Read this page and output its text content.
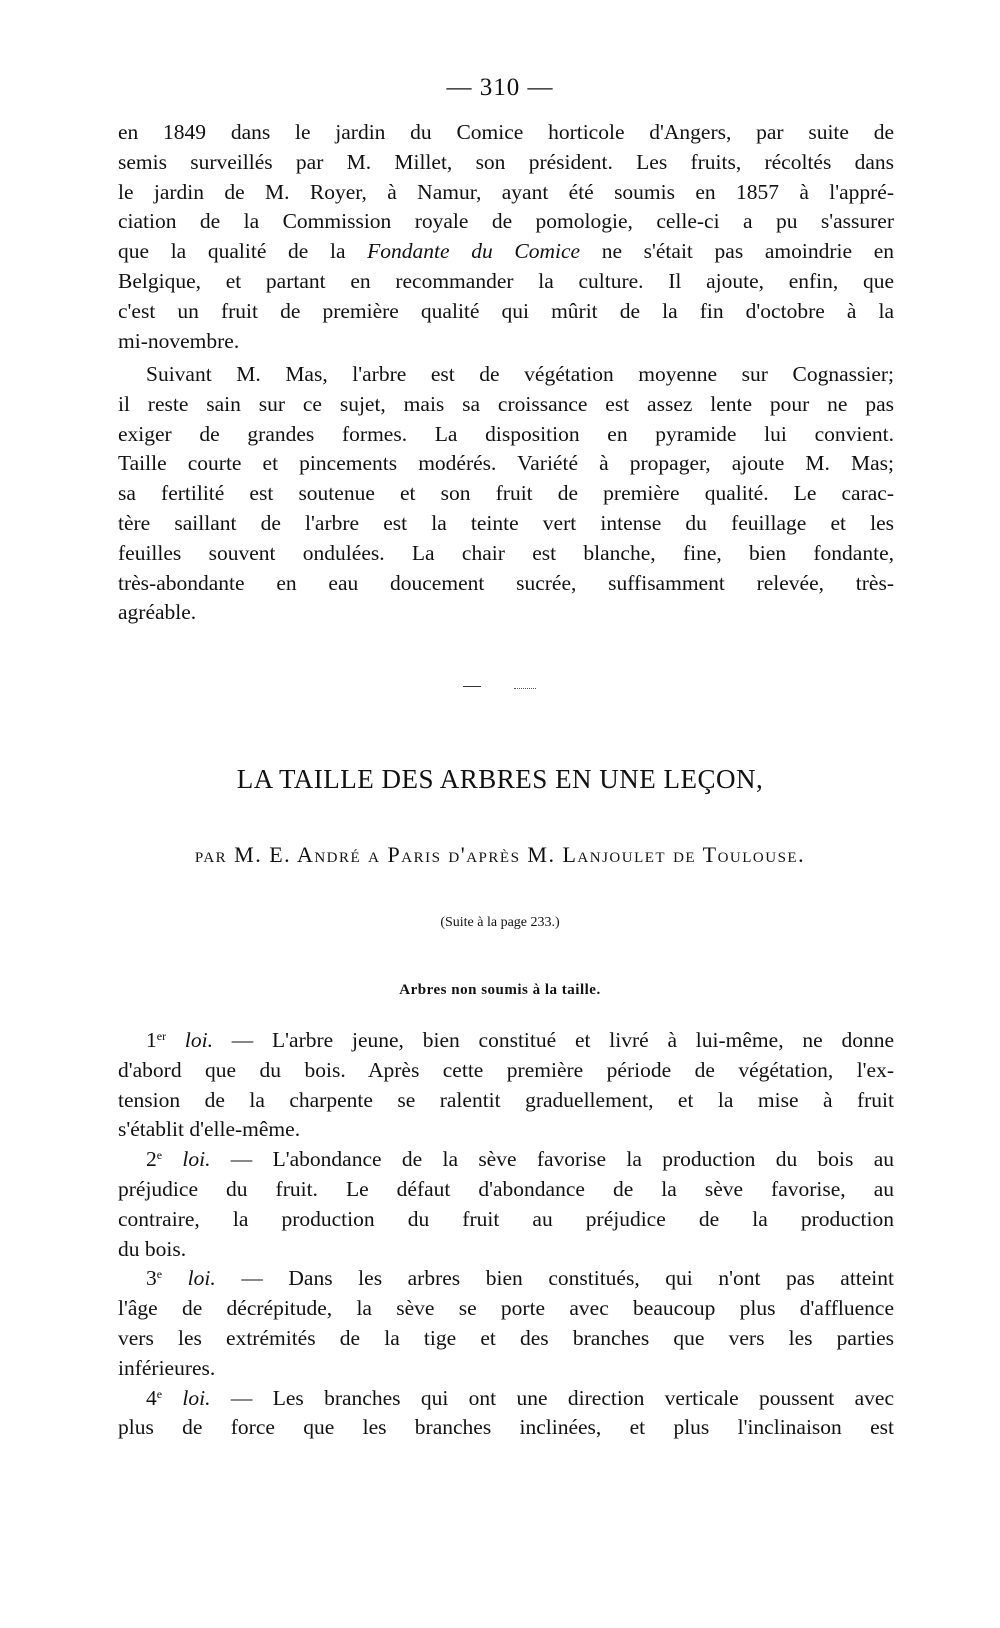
— 310 —
en 1849 dans le jardin du Comice horticole d'Angers, par suite de
semis surveillés par M. Millet, son président. Les fruits, récoltés dans
le jardin de M. Royer, à Namur, ayant été soumis en 1857 à l'appré-
ciation de la Commission royale de pomologie, celle-ci a pu s'assurer
que la qualité de la Fondante du Comice ne s'était pas amoindrie en
Belgique, et partant en recommander la culture. Il ajoute, enfin, que
c'est un fruit de première qualité qui mûrit de la fin d'octobre à la
mi-novembre.
Suivant M. Mas, l'arbre est de végétation moyenne sur Cognassier;
il reste sain sur ce sujet, mais sa croissance est assez lente pour ne pas
exiger de grandes formes. La disposition en pyramide lui convient.
Taille courte et pincements modérés. Variété à propager, ajoute M. Mas;
sa fertilité est soutenue et son fruit de première qualité. Le carac-
tère saillant de l'arbre est la teinte vert intense du feuillage et les
feuilles souvent ondulées. La chair est blanche, fine, bien fondante,
très-abondante en eau doucement sucrée, suffisamment relevée, très-
agréable.
LA TAILLE DES ARBRES EN UNE LEÇON,
par M. E. André a Paris d'après M. Lanjoulet de Toulouse.
(Suite à la page 233.)
Arbres non soumis à la taille.
1er loi. — L'arbre jeune, bien constitué et livré à lui-même, ne donne
d'abord que du bois. Après cette première période de végétation, l'ex-
tension de la charpente se ralentit graduellement, et la mise à fruit
s'établit d'elle-même.
2e loi. — L'abondance de la sève favorise la production du bois au
préjudice du fruit. Le défaut d'abondance de la sève favorise, au
contraire, la production du fruit au préjudice de la production
du bois.
3e loi. — Dans les arbres bien constitués, qui n'ont pas atteint
l'âge de décrépitude, la sève se porte avec beaucoup plus d'affluence
vers les extrémités de la tige et des branches que vers les parties
inférieures.
4e loi. — Les branches qui ont une direction verticale poussent avec
plus de force que les branches inclinées, et plus l'inclinaison est
